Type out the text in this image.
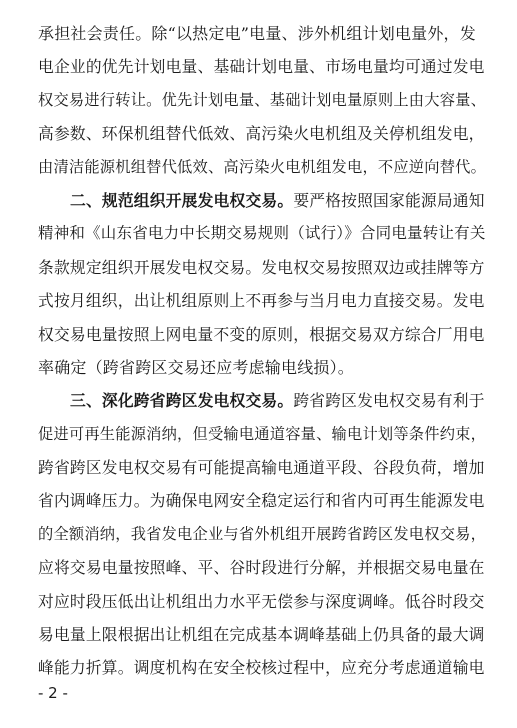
承担社会责任。除“以热定电”电量、涉外机组计划电量外，发
电企业的优先计划电量、基础计划电量、市场电量均可通过发电
权交易进行转让。优先计划电量、基础计划电量原则上由大容量、
高参数、环保机组替代低效、高污染火电机组及关停机组发电，
由清洁能源机组替代低效、高污染火电机组发电，不应逆向替代。
二、规范组织开展发电权交易。要严格按照国家能源局通知
精神和《山东省电力中长期交易规则（试行）》合同电量转让有关
条款规定组织开展发电权交易。发电权交易按照双边或挂牌等方
式按月组织，出让机组原则上不再参与当月电力直接交易。发电
权交易电量按照上网电量不变的原则，根据交易双方综合厂用电
率确定（跨省跨区交易还应考虑输电线损）。
三、深化跨省跨区发电权交易。跨省跨区发电权交易有利于
促进可再生能源消纳，但受输电通道容量、输电计划等条件约束，
跨省跨区发电权交易有可能提高输电通道平段、谷段负荷，增加
省内调峰压力。为确保电网安全稳定运行和省内可再生能源发电
的全额消纳，我省发电企业与省外机组开展跨省跨区发电权交易，
应将交易电量按照峰、平、谷时段进行分解，并根据交易电量在
对应时段压低出让机组出力水平无偿参与深度调峰。低谷时段交
易电量上限根据出让机组在完成基本调峰基础上仍具备的最大调
峰能力折算。调度机构在安全校核过程中，应充分考虑通道输电
- 2 -
